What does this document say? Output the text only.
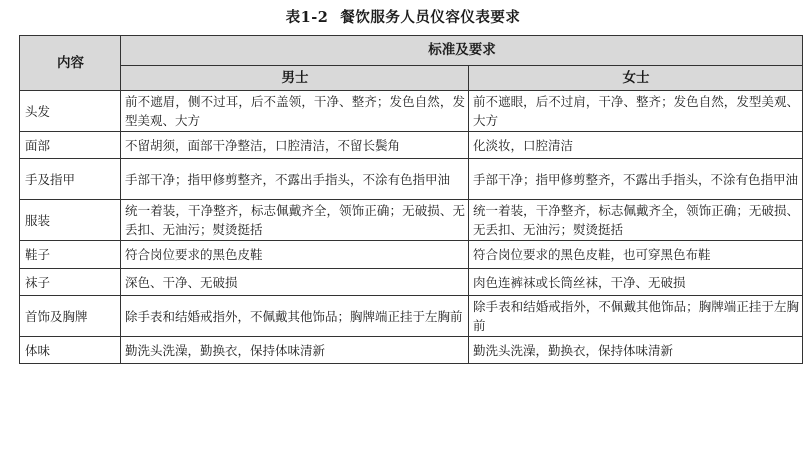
表1-2 餐饮服务人员仪容仪表要求
内容	标准及要求	
	男士	女士
头发	前不遮眉，侧不过耳，后不盖领，干净、整齐；发色自然，发型美观、大方	前不遮眼，后不过肩，干净、整齐；发色自然，发型美观、大方
面部	不留胡须，面部干净整洁，口腔清洁，不留长鬓角	化淡妆，口腔清洁
手及指甲	手部干净；指甲修剪整齐，不露出手指头，不涂有色指甲油	手部干净；指甲修剪整齐，不露出手指头，不涂有色指甲油
服装	统一着装，干净整齐，标志佩戴齐全，领饰正确；无破损、无丢扣、无油污；熨烫挺括	统一着装，干净整齐，标志佩戴齐全，领饰正确；无破损、无丢扣、无油污；熨烫挺括
鞋子	符合岗位要求的黑色皮鞋	符合岗位要求的黑色皮鞋，也可穿黑色布鞋
袜子	深色、干净、无破损	肉色连裤袜或长筒丝袜，干净、无破损
首饰及胸牌	除手表和结婚戒指外，不佩戴其他饰品；胸牌端正挂于左胸前	除手表和结婚戒指外，不佩戴其他饰品；胸牌端正挂于左胸前
体味	勤洗头洗澡，勤换衣，保持体味清新	勤洗头洗澡，勤换衣，保持体味清新
